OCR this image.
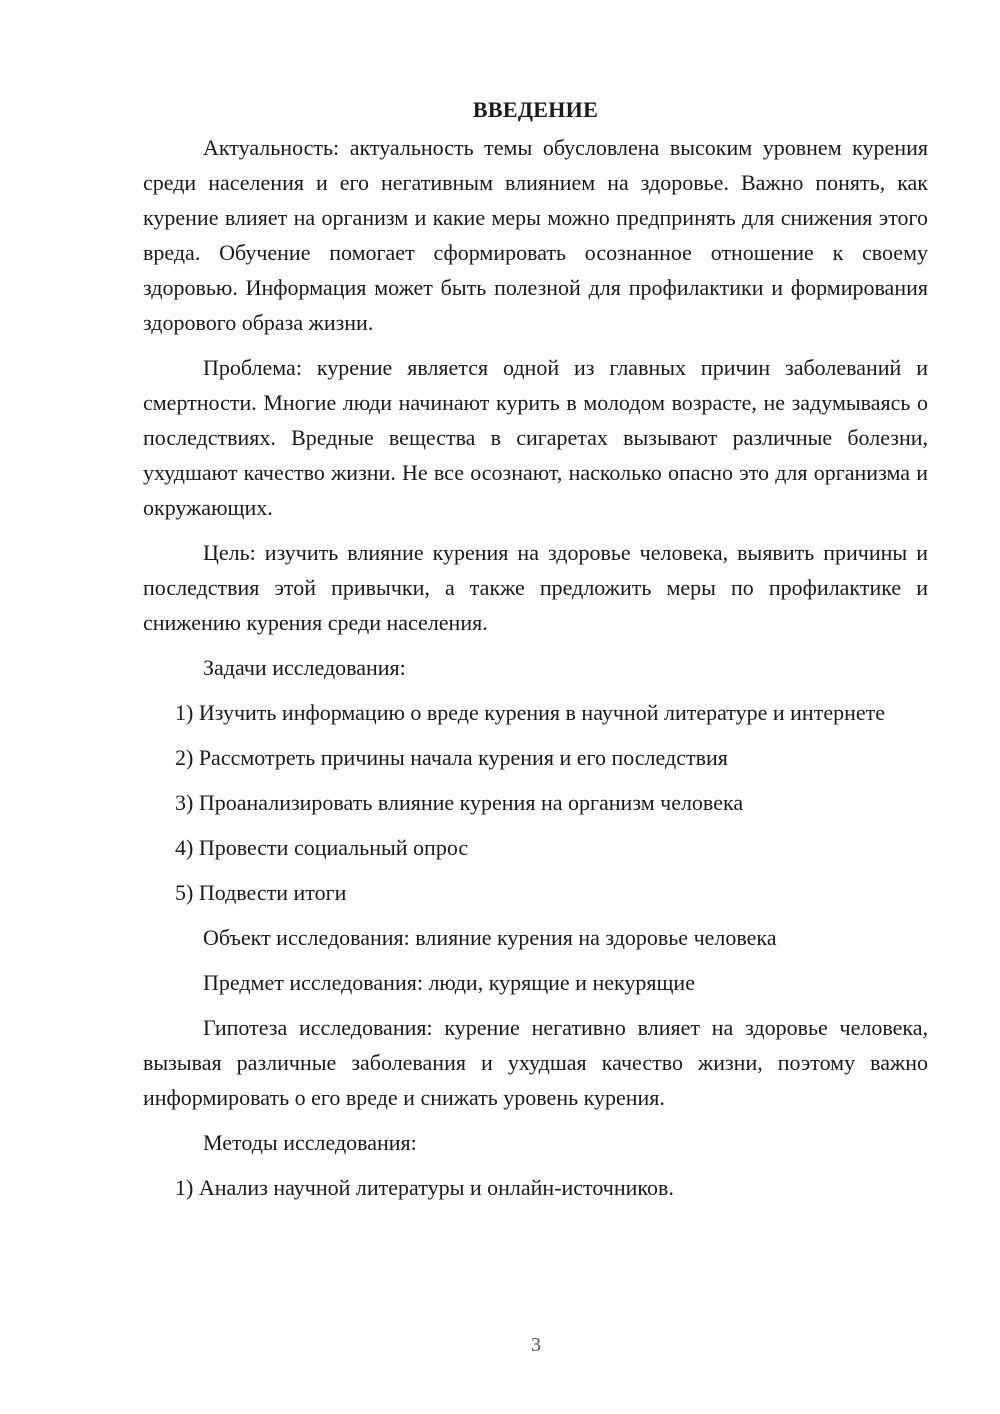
ВВЕДЕНИЕ

Актуальность: актуальность темы обусловлена высоким уровнем курения среди населения и его негативным влиянием на здоровье. Важно понять, как курение влияет на организм и какие меры можно предпринять для снижения этого вреда. Обучение помогает сформировать осознанное отношение к своему здоровью. Информация может быть полезной для профилактики и формирования здорового образа жизни.

Проблема: курение является одной из главных причин заболеваний и смертности. Многие люди начинают курить в молодом возрасте, не задумываясь о последствиях. Вредные вещества в сигаретах вызывают различные болезни, ухудшают качество жизни. Не все осознают, насколько опасно это для организма и окружающих.

Цель: изучить влияние курения на здоровье человека, выявить причины и последствия этой привычки, а также предложить меры по профилактике и снижению курения среди населения.

Задачи исследования:

1) Изучить информацию о вреде курения в научной литературе и интернете

2) Рассмотреть причины начала курения и его последствия

3) Проанализировать влияние курения на организм человека

4) Провести социальный опрос

5) Подвести итоги

Объект исследования: влияние курения на здоровье человека

Предмет исследования: люди, курящие и некурящие

Гипотеза исследования: курение негативно влияет на здоровье человека, вызывая различные заболевания и ухудшая качество жизни, поэтому важно информировать о его вреде и снижать уровень курения.

Методы исследования:

1) Анализ научной литературы и онлайн-источников.

3
